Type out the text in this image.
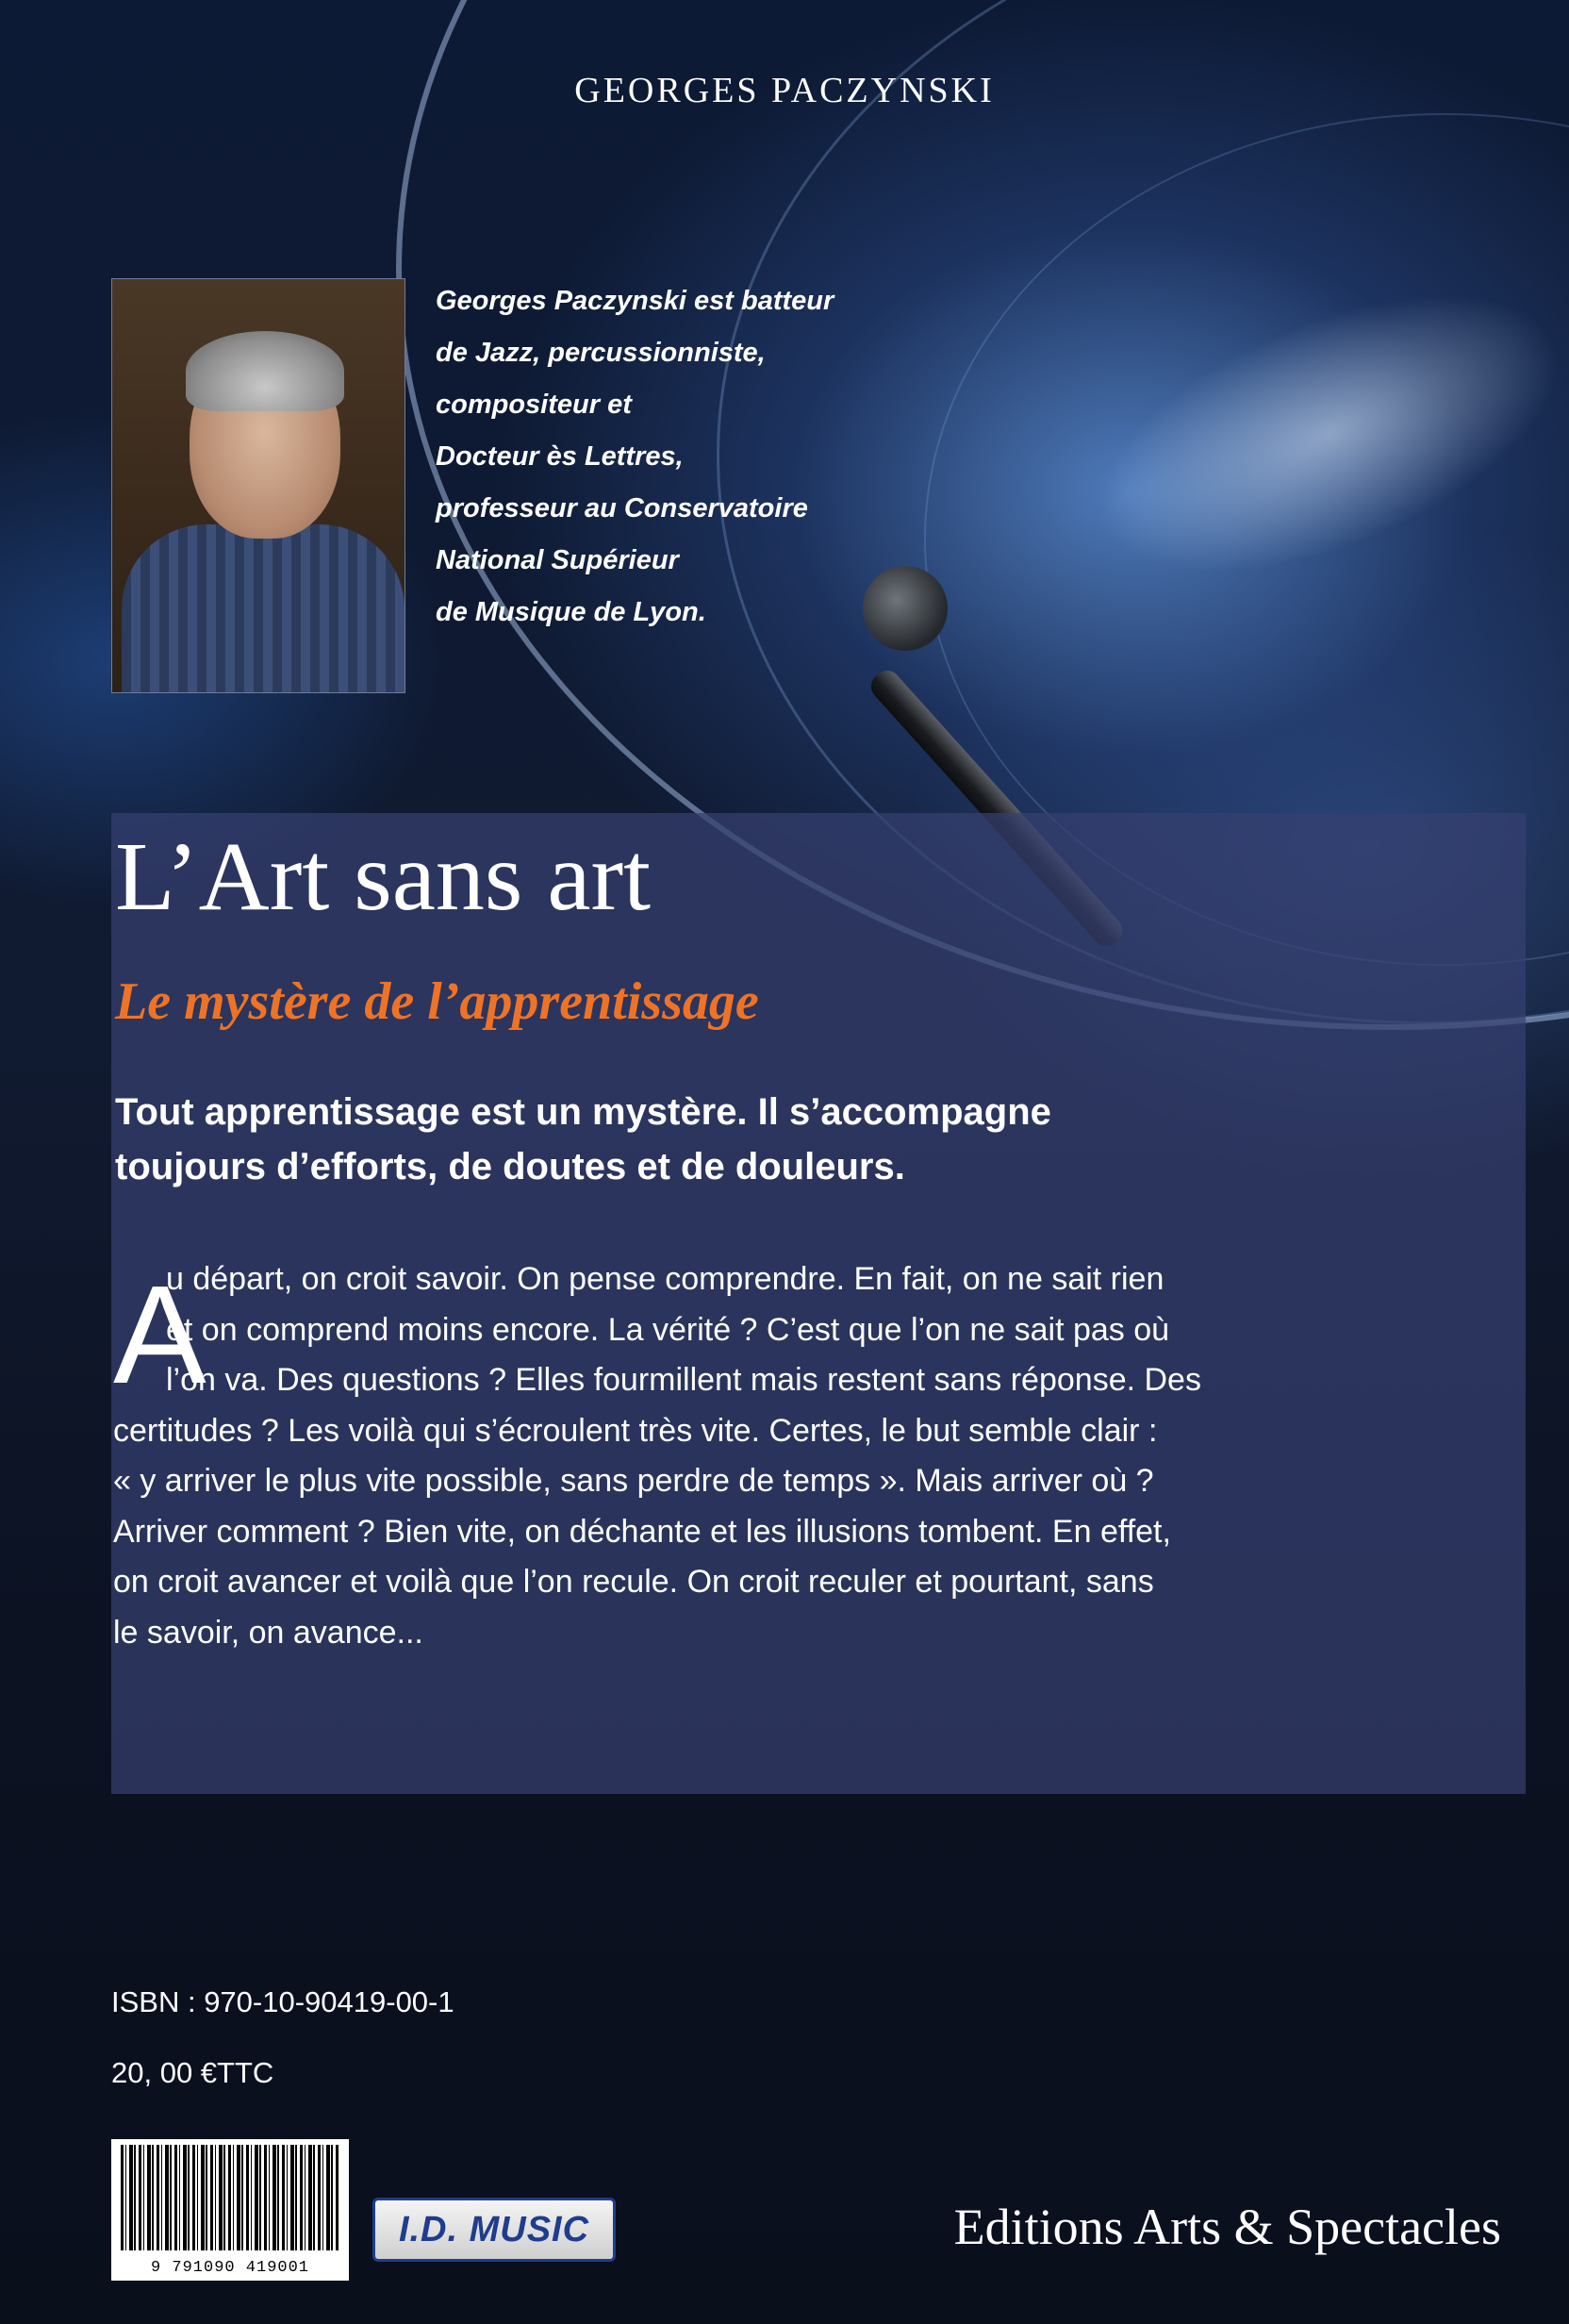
GEORGES PACZYNSKI
Georges Paczynski est batteur
de Jazz, percussionniste,
compositeur et
Docteur ès Lettres,
professeur au Conservatoire
National Supérieur
de Musique de Lyon.
L’Art sans art
Le mystère de l’apprentissage
Tout apprentissage est un mystère. Il s’accompagne
toujours d’efforts, de doutes et de douleurs.
A
u départ, on croit savoir. On pense comprendre. En fait, on ne sait rien
et on comprend moins encore. La vérité ? C’est que l’on ne sait pas où
l’on va. Des questions ? Elles fourmillent mais restent sans réponse. Des
certitudes ? Les voilà qui s’écroulent très vite. Certes, le but semble clair :
« y arriver le plus vite possible, sans perdre de temps ». Mais arriver où ?
Arriver comment ? Bien vite, on déchante et les illusions tombent. En effet,
on croit avancer et voilà que l’on recule. On croit reculer et pourtant, sans
le savoir, on avance...
ISBN : 970-10-90419-00-1
20, 00 €TTC
9 791090 419001
I.D. MUSIC	Editions Arts & Spectacles
